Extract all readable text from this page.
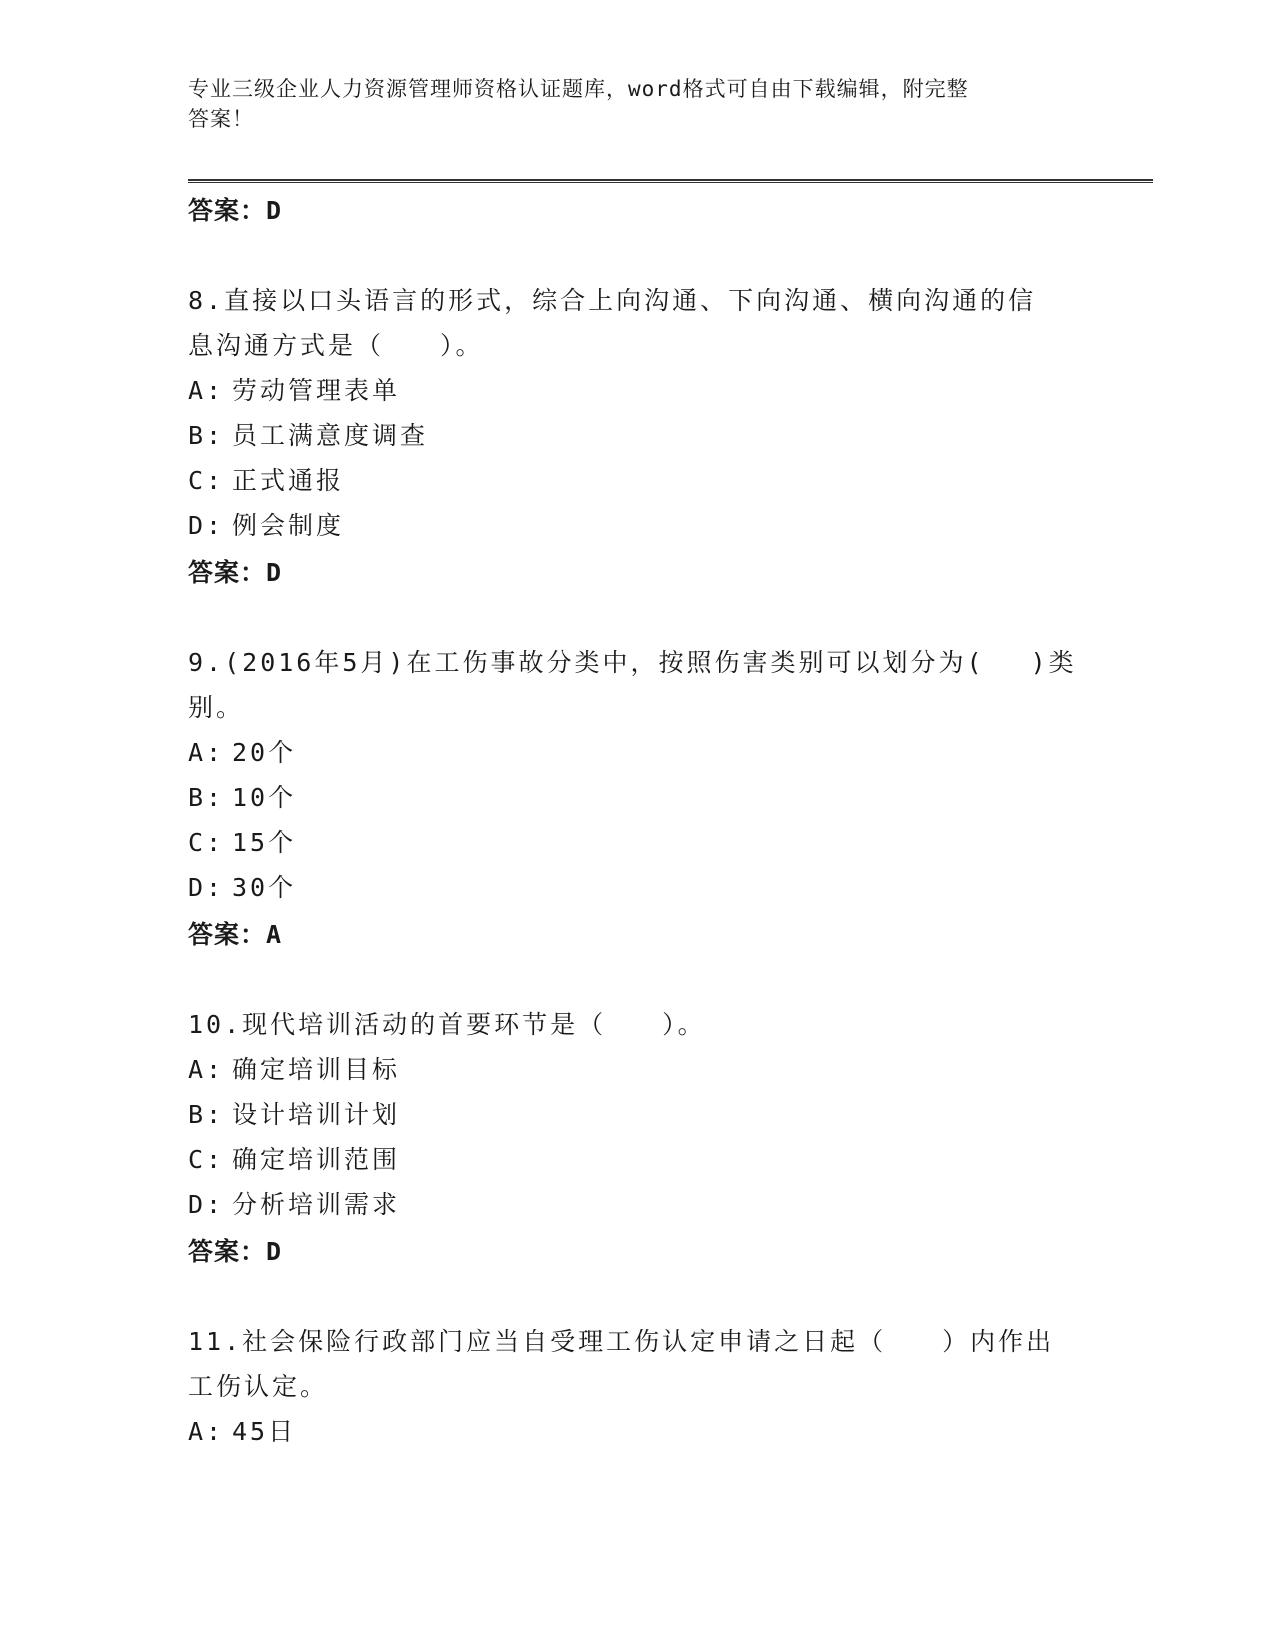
专业三级企业人力资源管理师资格认证题库，word格式可自由下载编辑，附完整
答案！
答案：D
8.直接以口头语言的形式，综合上向沟通、下向沟通、横向沟通的信
息沟通方式是（　　）。
A: 劳动管理表单
B: 员工满意度调查
C: 正式通报
D: 例会制度
答案：D
9.(2016年5月)在工伤事故分类中，按照伤害类别可以划分为(　 )类
别。
A: 20个
B: 10个
C: 15个
D: 30个
答案：A
10.现代培训活动的首要环节是（　　）。
A: 确定培训目标
B: 设计培训计划
C: 确定培训范围
D: 分析培训需求
答案：D
11.社会保险行政部门应当自受理工伤认定申请之日起（　　）内作出
工伤认定。
A: 45日
